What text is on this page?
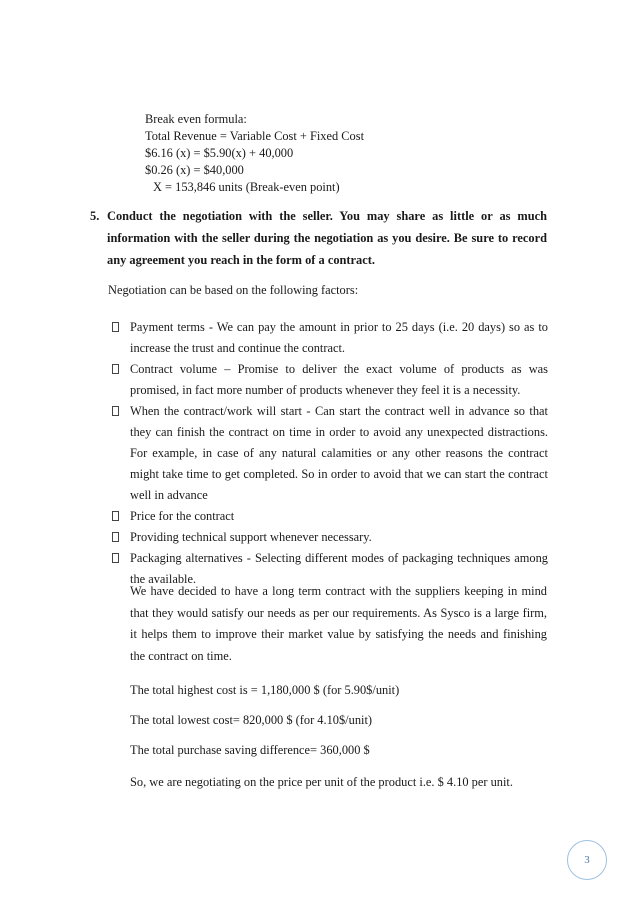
Break even formula:
Total Revenue = Variable Cost + Fixed Cost
$6.16 (x) = $5.90(x) + 40,000
$0.26 (x) = $40,000
X = 153,846 units (Break-even point)
5. Conduct the negotiation with the seller. You may share as little or as much information with the seller during the negotiation as you desire. Be sure to record any agreement you reach in the form of a contract.
Negotiation can be based on the following factors:
Payment terms - We can pay the amount in prior to 25 days (i.e. 20 days) so as to increase the trust and continue the contract.
Contract volume – Promise to deliver the exact volume of products as was promised, in fact more number of products whenever they feel it is a necessity.
When the contract/work will start - Can start the contract well in advance so that they can finish the contract on time in order to avoid any unexpected distractions. For example, in case of any natural calamities or any other reasons the contract might take time to get completed. So in order to avoid that we can start the contract well in advance
Price for the contract
Providing technical support whenever necessary.
Packaging alternatives - Selecting different modes of packaging techniques among the available.
We have decided to have a long term contract with the suppliers keeping in mind that they would satisfy our needs as per our requirements. As Sysco is a large firm, it helps them to improve their market value by satisfying the needs and finishing the contract on time.
The total highest cost is = 1,180,000 $ (for 5.90$/unit)
The total lowest cost= 820,000 $ (for 4.10$/unit)
The total purchase saving difference= 360,000 $
So, we are negotiating on the price per unit of the product i.e. $ 4.10 per unit.
3
